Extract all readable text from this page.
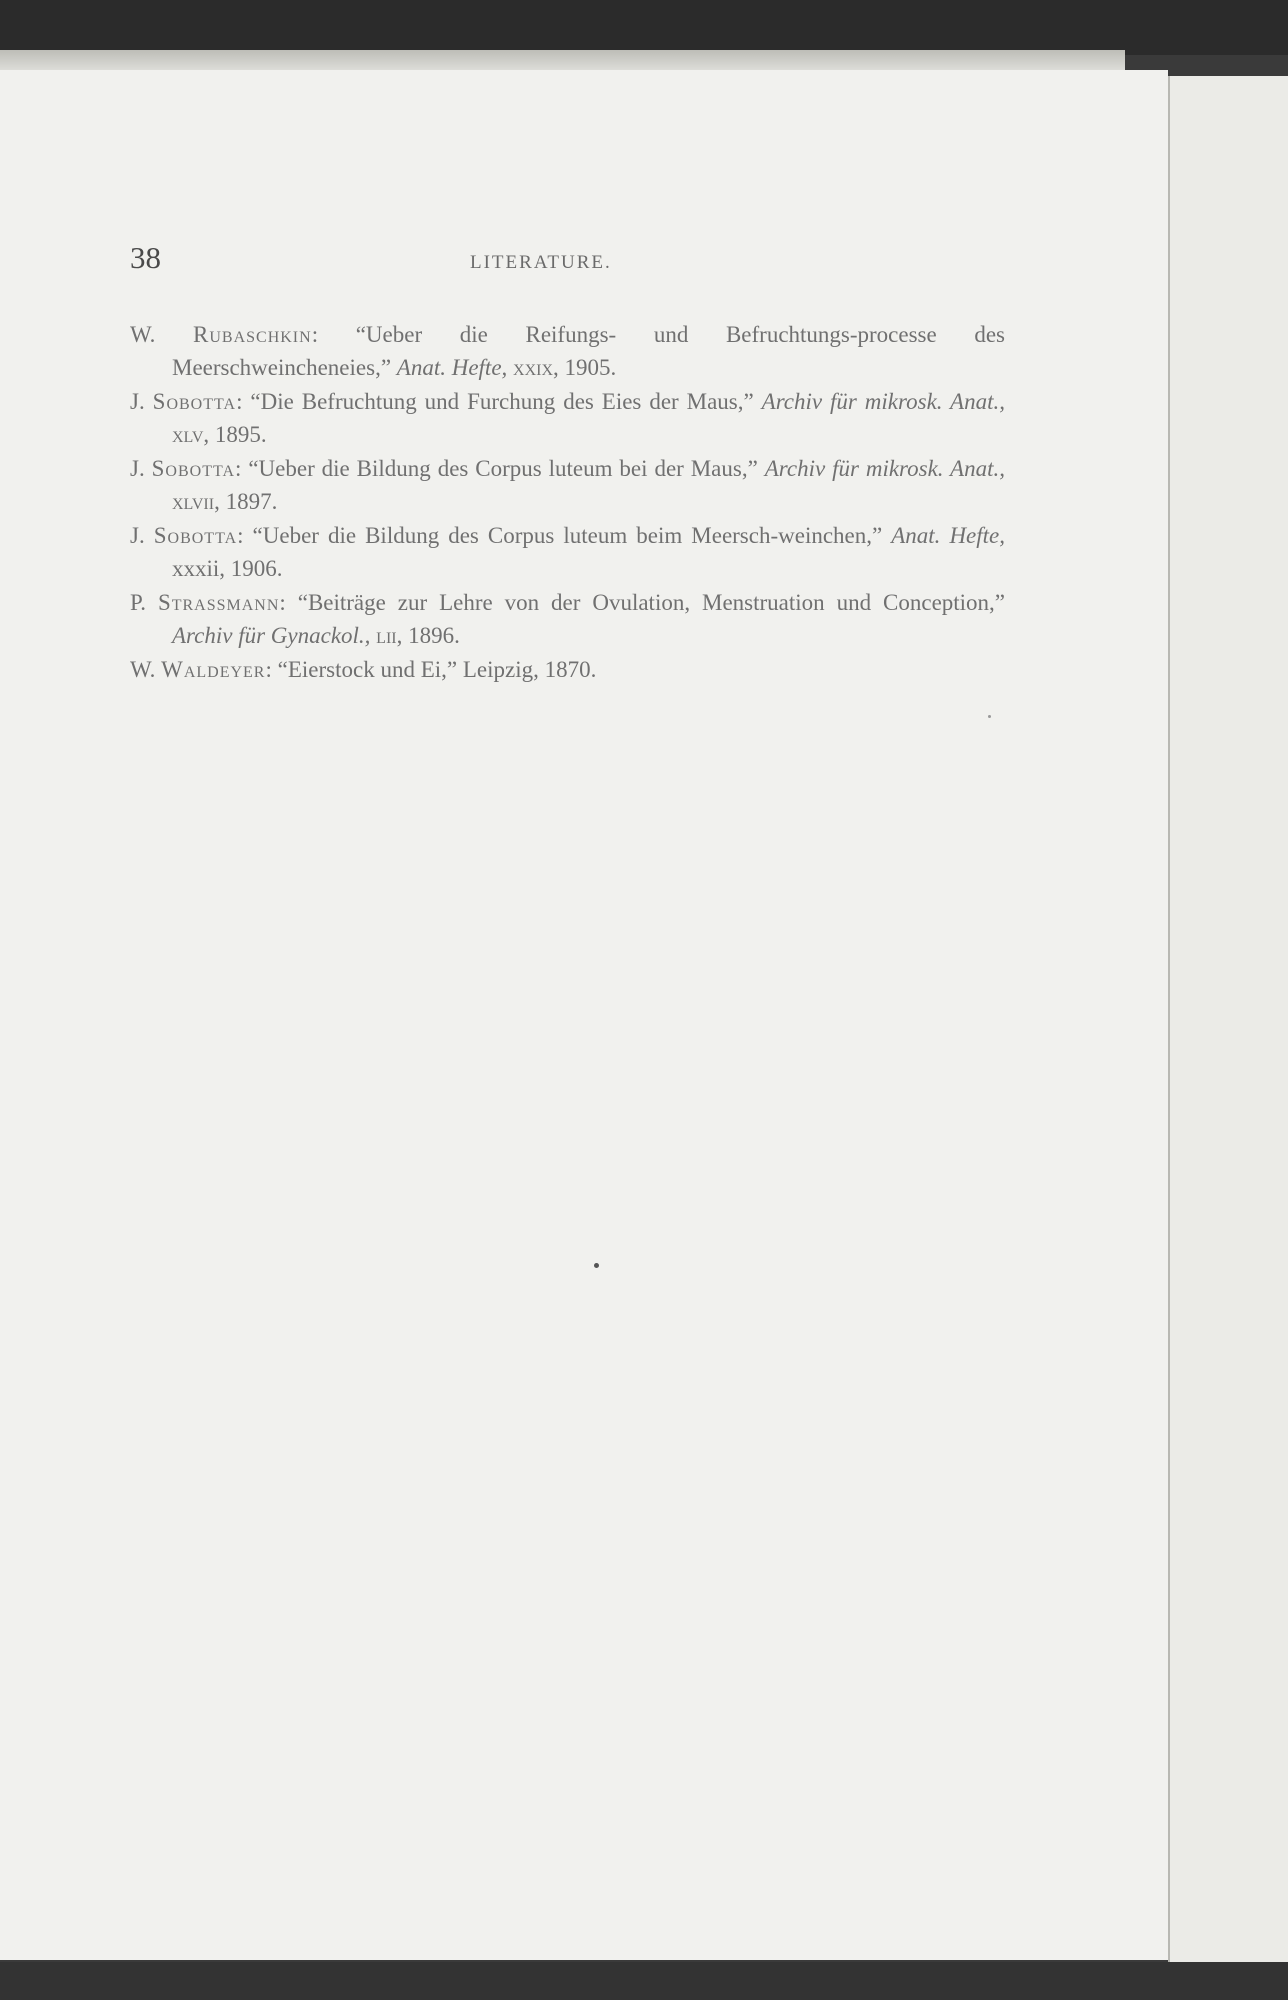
38	LITERATURE.

W. Rubaschkin: “Ueber die Reifungs- und Befruchtungs-processe des Meerschweincheneies,” Anat. Hefte, xxix, 1905.

J. Sobotta: “Die Befruchtung und Furchung des Eies der Maus,” Archiv für mikrosk. Anat., xlv, 1895.

J. Sobotta: “Ueber die Bildung des Corpus luteum bei der Maus,” Archiv für mikrosk. Anat., xlvii, 1897.

J. Sobotta: “Ueber die Bildung des Corpus luteum beim Meersch-weinchen,” Anat. Hefte, xxxii, 1906.

P. Strassmann: “Beiträge zur Lehre von der Ovulation, Menstruation und Conception,” Archiv für Gynackol., lii, 1896.

W. Waldeyer: “Eierstock und Ei,” Leipzig, 1870.
